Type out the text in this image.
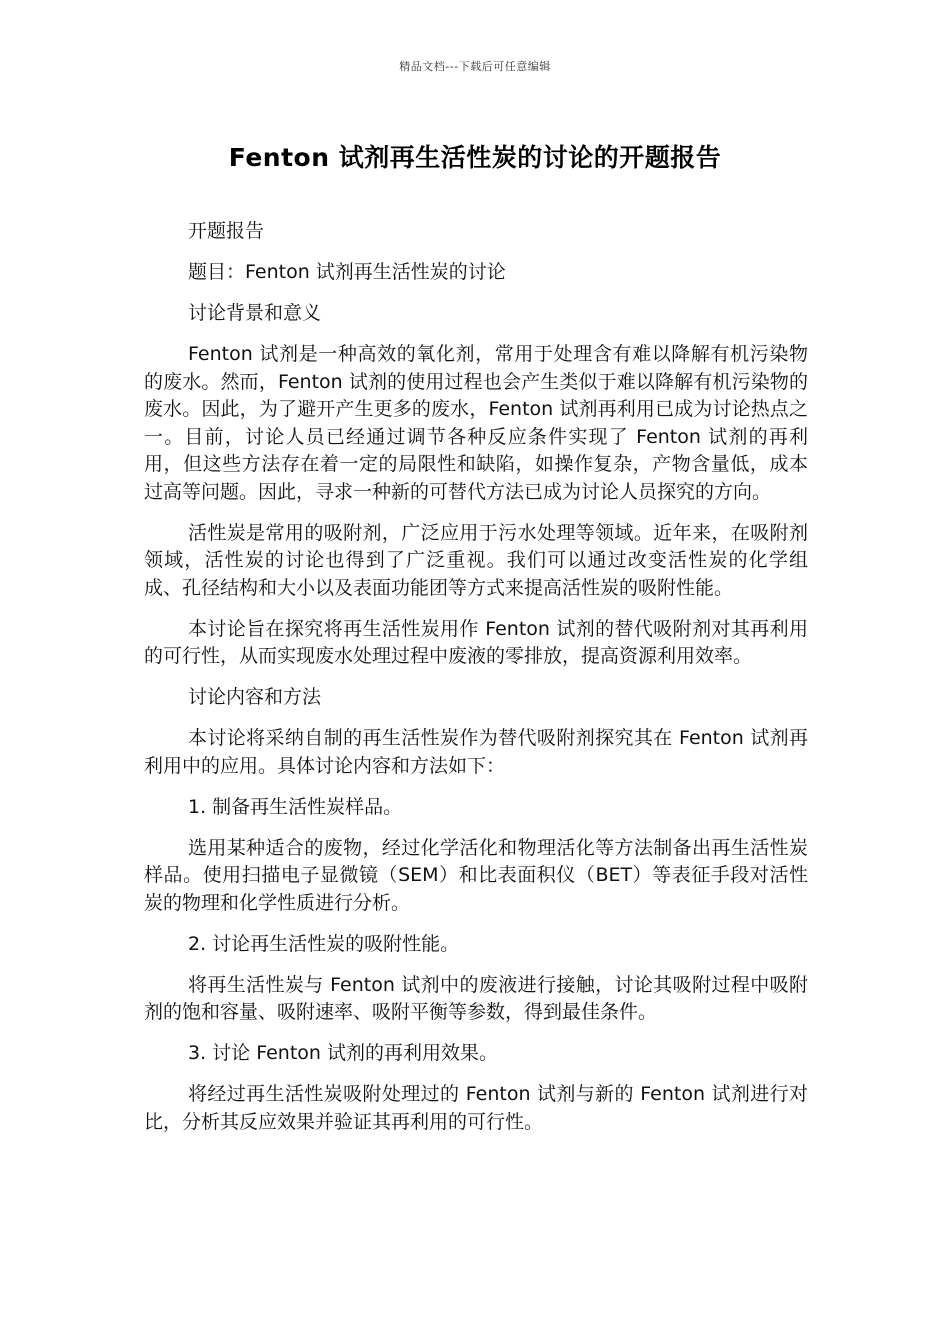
精品文档---下载后可任意编辑
Fenton 试剂再生活性炭的讨论的开题报告

开题报告

题目：Fenton 试剂再生活性炭的讨论

讨论背景和意义

Fenton 试剂是一种高效的氧化剂，常用于处理含有难以降解有机污染物的废水。然而，Fenton 试剂的使用过程也会产生类似于难以降解有机污染物的废水。因此，为了避开产生更多的废水，Fenton 试剂再利用已成为讨论热点之一。目前，讨论人员已经通过调节各种反应条件实现了 Fenton 试剂的再利用，但这些方法存在着一定的局限性和缺陷，如操作复杂，产物含量低，成本过高等问题。因此，寻求一种新的可替代方法已成为讨论人员探究的方向。

活性炭是常用的吸附剂，广泛应用于污水处理等领域。近年来，在吸附剂领域，活性炭的讨论也得到了广泛重视。我们可以通过改变活性炭的化学组成、孔径结构和大小以及表面功能团等方式来提高活性炭的吸附性能。

本讨论旨在探究将再生活性炭用作 Fenton 试剂的替代吸附剂对其再利用的可行性，从而实现废水处理过程中废液的零排放，提高资源利用效率。

讨论内容和方法

本讨论将采纳自制的再生活性炭作为替代吸附剂探究其在 Fenton 试剂再利用中的应用。具体讨论内容和方法如下：

1. 制备再生活性炭样品。

选用某种适合的废物，经过化学活化和物理活化等方法制备出再生活性炭样品。使用扫描电子显微镜（SEM）和比表面积仪（BET）等表征手段对活性炭的物理和化学性质进行分析。

2. 讨论再生活性炭的吸附性能。

将再生活性炭与 Fenton 试剂中的废液进行接触，讨论其吸附过程中吸附剂的饱和容量、吸附速率、吸附平衡等参数，得到最佳条件。

3. 讨论 Fenton 试剂的再利用效果。

将经过再生活性炭吸附处理过的 Fenton 试剂与新的 Fenton 试剂进行对比，分析其反应效果并验证其再利用的可行性。
